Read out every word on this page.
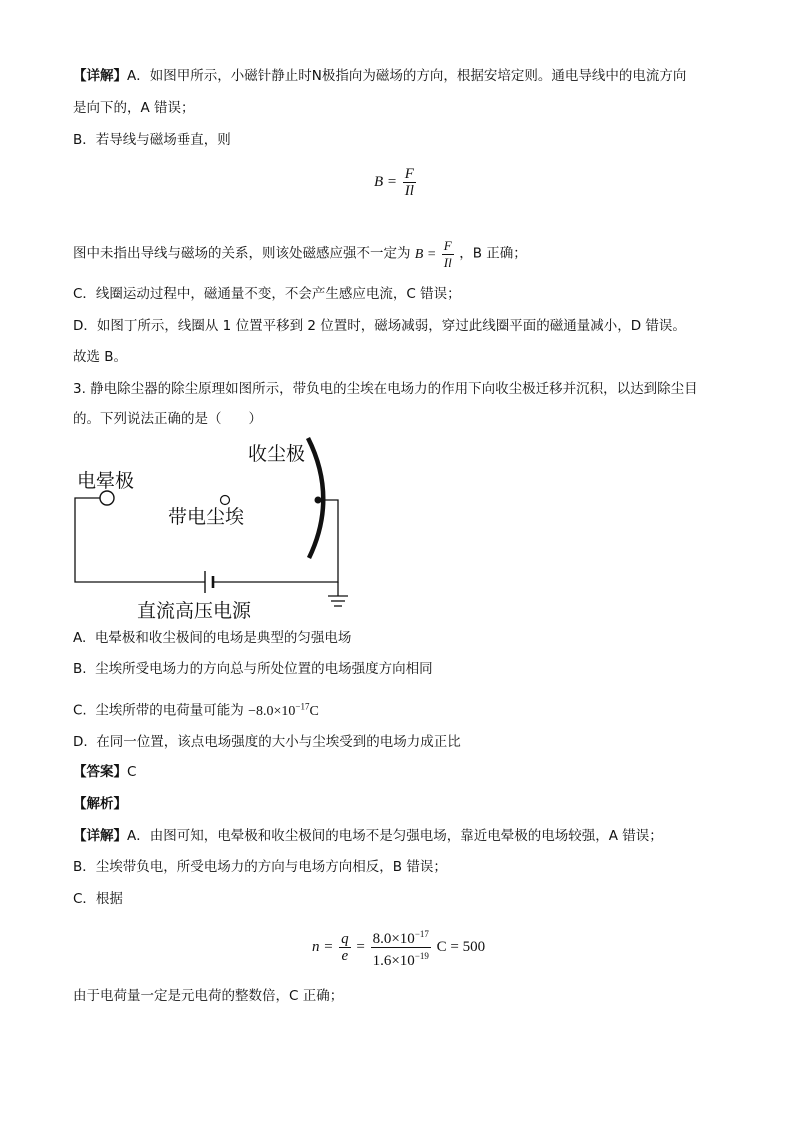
【详解】A．如图甲所示，小磁针静止时N极指向为磁场的方向，根据安培定则。通电导线中的电流方向
是向下的，A 错误；
B．若导线与磁场垂直，则
$B = \frac{F}{Il}$
图中未指出导线与磁场的关系，则该处磁感应强不一定为 $B = \frac{F}{Il}$ ，B 正确；
C．线圈运动过程中，磁通量不变，不会产生感应电流，C 错误；
D．如图丁所示，线圈从 1 位置平移到 2 位置时，磁场减弱，穿过此线圈平面的磁通量减小，D 错误。
故选 B。
3. 静电除尘器的除尘原理如图所示，带负电的尘埃在电场力的作用下向收尘极迁移并沉积，以达到除尘目
的。下列说法正确的是（　　）
收尘极
电晕极
带电尘埃
直流高压电源
A. 电晕极和收尘极间的电场是典型的匀强电场
B. 尘埃所受电场力的方向总与所处位置的电场强度方向相同
C. 尘埃所带的电荷量可能为 $-8.0\times 10^{-17}C$
D. 在同一位置，该点电场强度的大小与尘埃受到的电场力成正比
【答案】C
【解析】
【详解】A．由图可知，电晕极和收尘极间的电场不是匀强电场，靠近电晕极的电场较强，A 错误；
B．尘埃带负电，所受电场力的方向与电场方向相反，B 错误；
C．根据
$n = \frac{q}{e} = \frac{8.0\times 10^{-17}}{1.6\times 10^{-19}}$ C = 500
由于电荷量一定是元电荷的整数倍，C 正确；
